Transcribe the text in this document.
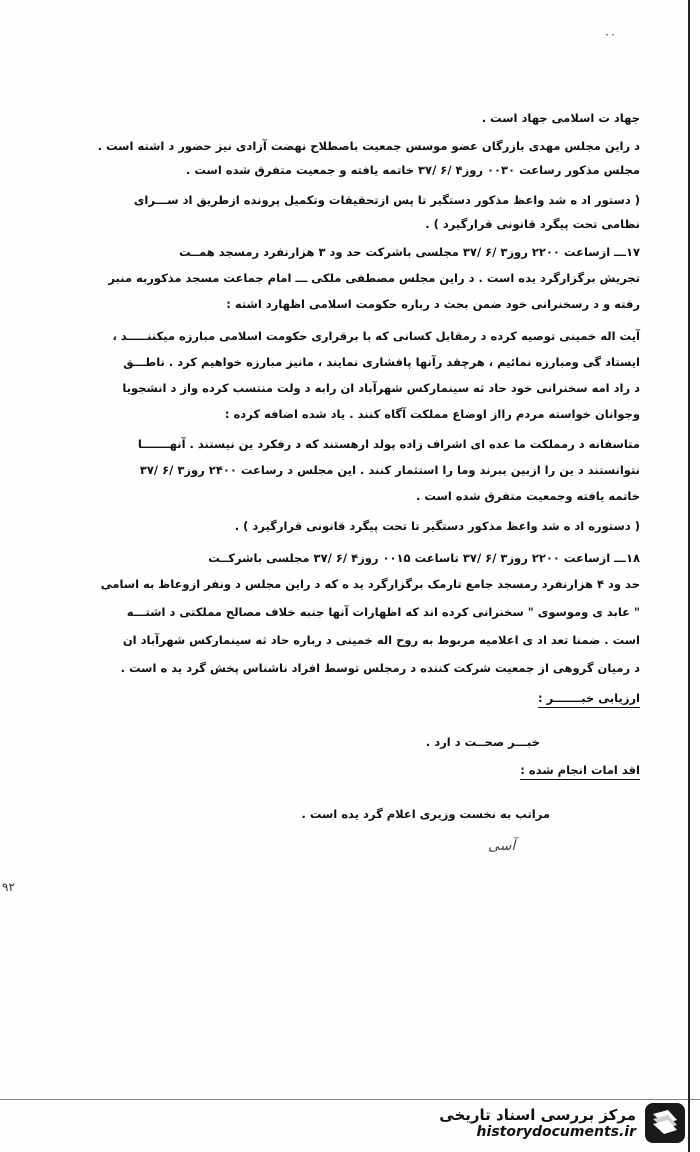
۰۰
جهاد ت اسلامی جهاد است .
د راین مجلس مهدی بازرگان عضو موسس جمعیت باصطلاح نهضت آزادی نیز حضور د اشته است .
مجلس مذکور رساعت ۰۰۳۰ روز۴ /۶ /۳۷ خاتمه یافته و جمعیت متفرق شده است .
( دستور اد ه شد واعظ مذکور دستگیر تا پس ازتحقیقات وتکمیل پرونده ازطریق اد ســـرای
نظامی تحت پیگرد قانونی قرارگیرد ) .
۱۷ـــ ازساعت ۲۲۰۰ روز۳ /۶ /۳۷ مجلسی باشرکت حد ود ۳ هزارنفرد رمسجد همــت
تجریش برگزارگرد یده است . د راین مجلس مصطفی ملکی ـــ امام جماعت مسجد مذکوربه منبر
رفته و د رسخنرانی خود ضمن بحث د رباره حکومت اسلامی اظهارد اشته :
آیت اله خمینی توصیه کرده د رمقابل کسانی که با برقراری حکومت اسلامی مبارزه میکننـــــد ،
ایستاد گی ومبارزه نمائیم ، هرچقد رآنها پافشاری نمایند ، مانیز مبارزه خواهیم کرد . ناطـــق
د راد امه سخنرانی خود حاد ثه سینمارکس شهرآباد ان رابه د ولت منتسب کرده واز د انشجویا
وجوانان خواسته مردم رااز اوضاع مملکت آگاه کنند . یاد شده اضافه کرده :
متاسفانه د رمملکت ما عده ای اشراف زاده پولد ارهستند که د رفکرد ین نیستند . آنهـــــــا
نتوانستند د ین را ازبین ببرند وما را استثمار کنند . این مجلس د رساعت ۲۴۰۰ روز۳ /۶ /۳۷
خاتمه یافته وجمعیت متفرق شده است .
( دستوره اد ه شد واعظ مذکور دستگیر تا تحت پیگرد قانونی قرارگیرد ) .
۱۸ـــ ازساعت ۲۲۰۰ روز۳ /۶ /۳۷ تاساعت ۰۰۱۵ روز۴ /۶ /۳۷ مجلسی باشرکــت
حد ود ۴ هزارنفرد رمسجد جامع تارمک برگزارگرد ید ه که د راین مجلس د ونفر ازوعاظ به اسامی
" عابد ی وموسوی " سخنرانی کرده اند که اظهارات آنها جنبه خلاف مصالح مملکتی د اشتـــه
است . ضمنا تعد اد ی اعلامیه مربوط به روح اله خمینی د رباره حاد ثه سینمارکس شهرآباد ان
د رمیان گروهی از جمعیت شرکت کننده د رمجلس توسط افراد ناشناس پخش گرد ید ه است .
ارزیابی خبـــــــر :
خبـــر صحــت د ارد .
اقد امات انجام شده :
مراتب به نخست وزیری اعلام گرد یده است .
ﺁﺳﯽ
۹۲
مرکز بررسی اسناد تاریخی
historydocuments.ir
